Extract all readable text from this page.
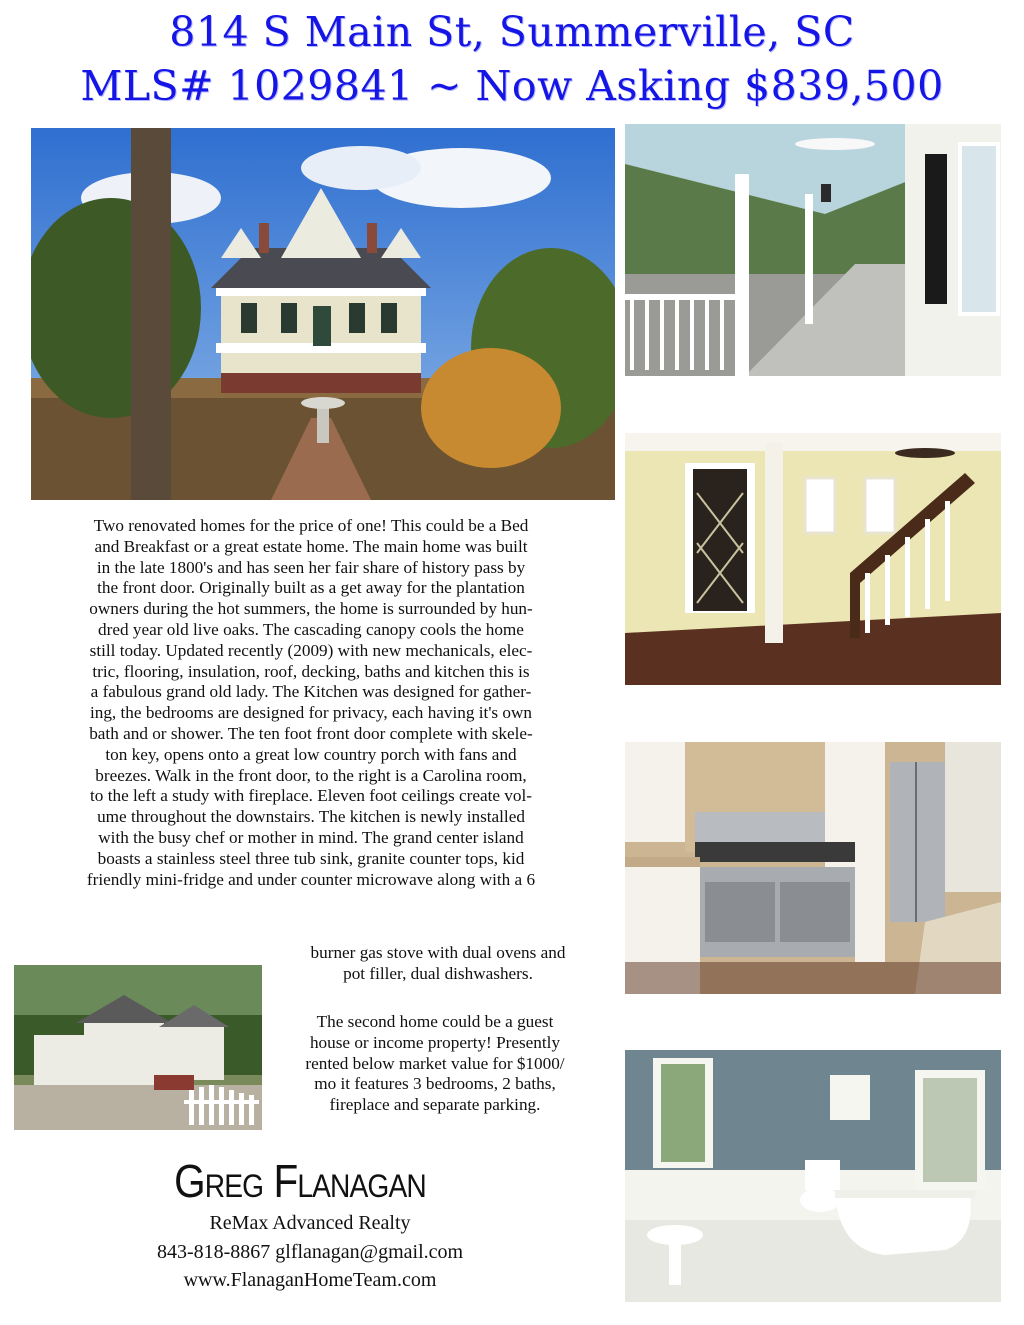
814 S Main St, Summerville, SC
MLS# 1029841 ~ Now Asking $839,500
Two renovated homes for the price of one! This could be a Bed
and Breakfast or a great estate home. The main home was built
in the late 1800's and has seen her fair share of history pass by
the front door. Originally built as a get away for the plantation
owners during the hot summers, the home is surrounded by hun-
dred year old live oaks. The cascading canopy cools the home
still today. Updated recently (2009) with new mechanicals, elec-
tric, flooring, insulation, roof, decking, baths and kitchen this is
a fabulous grand old lady. The Kitchen was designed for gather-
ing, the bedrooms are designed for privacy, each having it's own
bath and or shower. The ten foot front door complete with skele-
ton key, opens onto a great low country porch with fans and
breezes. Walk in the front door, to the right is a Carolina room,
to the left a study with fireplace. Eleven foot ceilings create vol-
ume throughout the downstairs. The kitchen is newly installed
with the busy chef or mother in mind. The grand center island
boasts a stainless steel three tub sink, granite counter tops, kid
friendly mini-fridge and under counter microwave along with a 6
burner gas stove with dual ovens and
pot filler, dual dishwashers.
The second home could be a guest
house or income property! Presently
rented below market value for $1000/
mo it features 3 bedrooms, 2 baths,
fireplace and separate parking.
Greg Flanagan
ReMax Advanced Realty
843-818-8867 glflanagan@gmail.com
www.FlanaganHomeTeam.com
